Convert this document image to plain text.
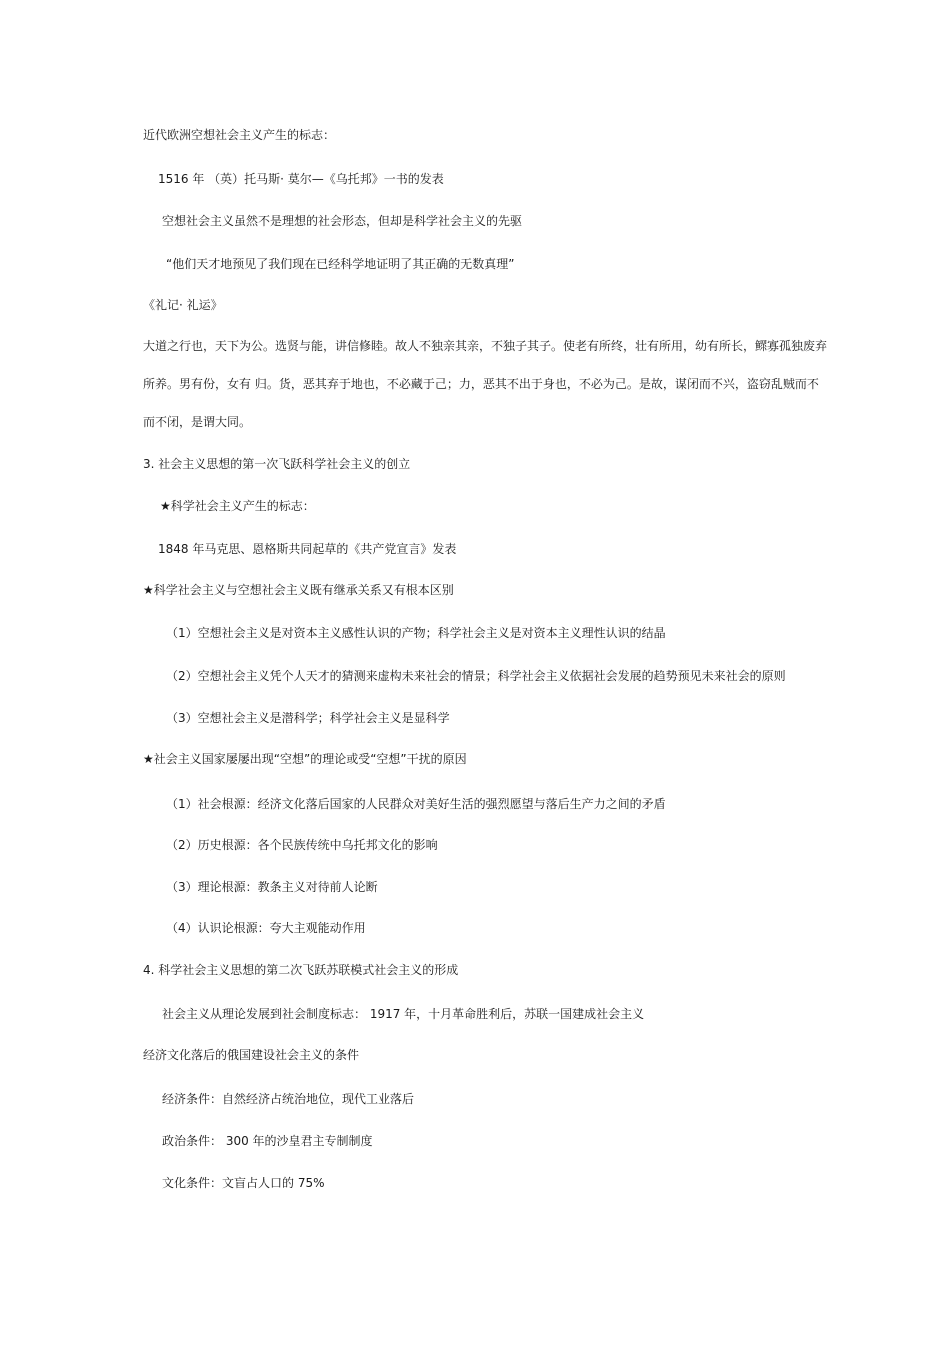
近代欧洲空想社会主义产生的标志：
1516 年 （英）托马斯· 莫尔—《乌托邦》一书的发表
空想社会主义虽然不是理想的社会形态，但却是科学社会主义的先驱
“他们天才地预见了我们现在已经科学地证明了其正确的无数真理”
《礼记· 礼运》
大道之行也，天下为公。选贤与能，讲信修睦。故人不独亲其亲，不独子其子。使老有所终，壮有所用，幼有所长，鳏寡孤独废弃
所养。男有份，女有 归。货，恶其弃于地也，不必藏于己；力，恶其不出于身也，不必为己。是故，谋闭而不兴，盗窃乱贼而不
而不闭，是谓大同。
3. 社会主义思想的第一次飞跃科学社会主义的创立
★科学社会主义产生的标志：
1848 年马克思、恩格斯共同起草的《共产党宣言》发表
★科学社会主义与空想社会主义既有继承关系又有根本区别
（1）空想社会主义是对资本主义感性认识的产物；科学社会主义是对资本主义理性认识的结晶
（2）空想社会主义凭个人天才的猜测来虚构未来社会的情景；科学社会主义依据社会发展的趋势预见未来社会的原则
（3）空想社会主义是潜科学；科学社会主义是显科学
★社会主义国家屡屡出现“空想”的理论或受“空想”干扰的原因
（1）社会根源：经济文化落后国家的人民群众对美好生活的强烈愿望与落后生产力之间的矛盾
（2）历史根源：各个民族传统中乌托邦文化的影响
（3）理论根源：教条主义对待前人论断
（4）认识论根源：夸大主观能动作用
4. 科学社会主义思想的第二次飞跃苏联模式社会主义的形成
社会主义从理论发展到社会制度标志： 1917 年，十月革命胜利后，苏联一国建成社会主义
经济文化落后的俄国建设社会主义的条件
经济条件：自然经济占统治地位，现代工业落后
政治条件： 300 年的沙皇君主专制制度
文化条件：文盲占人口的 75%
